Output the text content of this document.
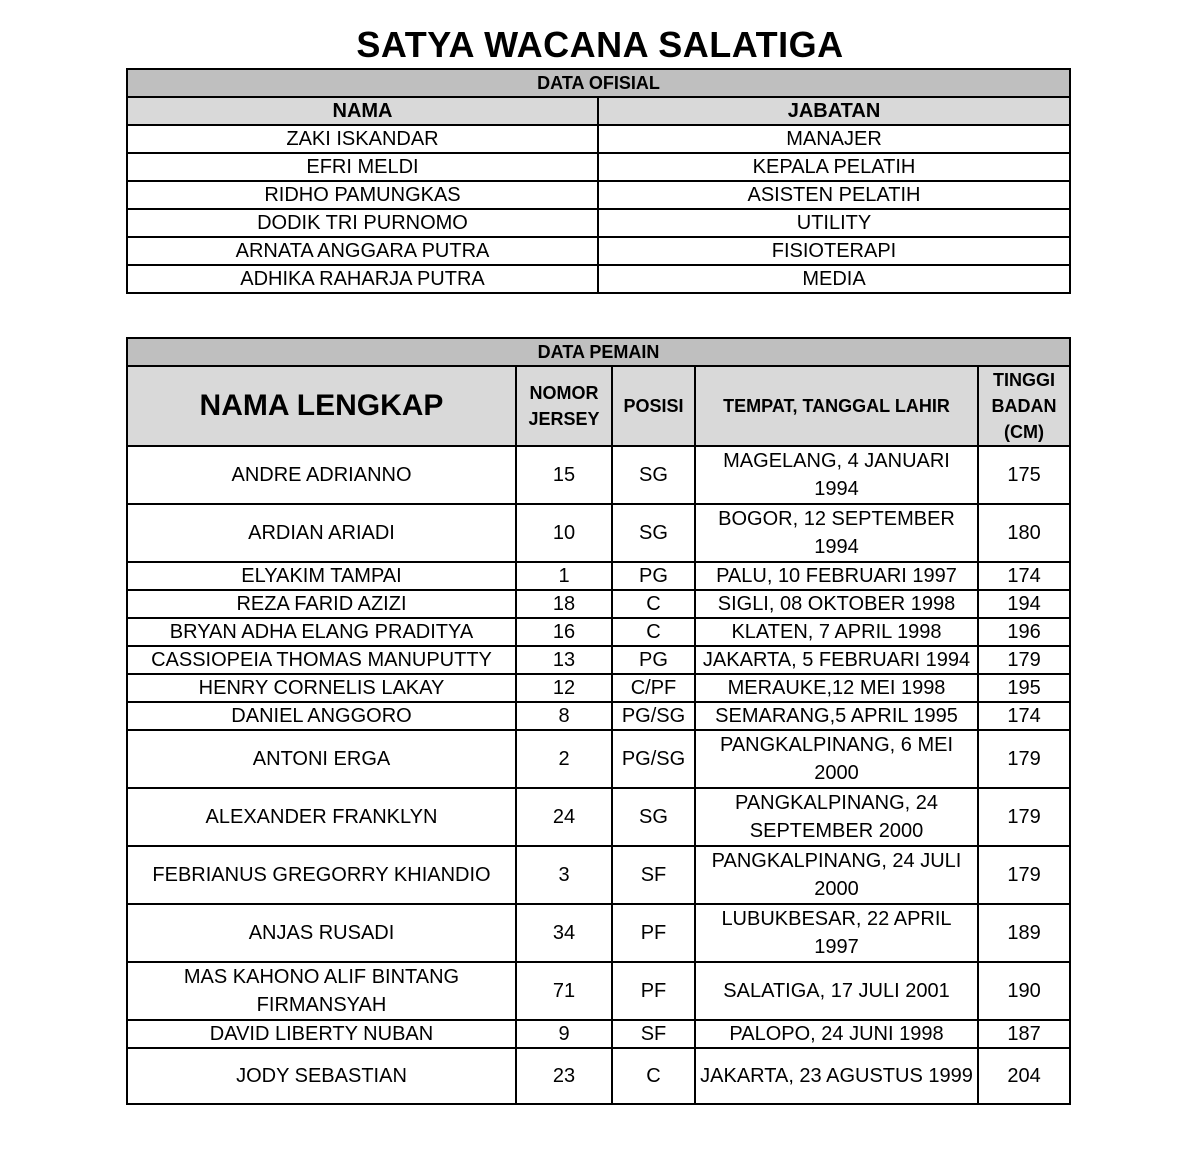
SATYA WACANA SALATIGA
DATA OFISIAL	
NAMA	JABATAN
ZAKI ISKANDAR	MANAJER
EFRI MELDI	KEPALA PELATIH
RIDHO PAMUNGKAS	ASISTEN PELATIH
DODIK TRI PURNOMO	UTILITY
ARNATA ANGGARA PUTRA	FISIOTERAPI
ADHIKA RAHARJA PUTRA	MEDIA
DATA PEMAIN				
NAMA LENGKAP	NOMOR JERSEY	POSISI	TEMPAT, TANGGAL LAHIR	TINGGI BADAN (CM)
ANDRE ADRIANNO	15	SG	MAGELANG, 4 JANUARI 1994	175
ARDIAN ARIADI	10	SG	BOGOR, 12 SEPTEMBER 1994	180
ELYAKIM TAMPAI	1	PG	PALU, 10 FEBRUARI 1997	174
REZA FARID AZIZI	18	C	SIGLI, 08 OKTOBER 1998	194
BRYAN ADHA ELANG PRADITYA	16	C	KLATEN, 7 APRIL 1998	196
CASSIOPEIA THOMAS MANUPUTTY	13	PG	JAKARTA, 5 FEBRUARI 1994	179
HENRY CORNELIS LAKAY	12	C/PF	MERAUKE,12 MEI 1998	195
DANIEL ANGGORO	8	PG/SG	SEMARANG,5 APRIL 1995	174
ANTONI ERGA	2	PG/SG	PANGKALPINANG, 6 MEI 2000	179
ALEXANDER FRANKLYN	24	SG	PANGKALPINANG, 24 SEPTEMBER 2000	179
FEBRIANUS GREGORRY KHIANDIO	3	SF	PANGKALPINANG, 24 JULI 2000	179
ANJAS RUSADI	34	PF	LUBUKBESAR, 22 APRIL 1997	189
MAS KAHONO ALIF BINTANG FIRMANSYAH	71	PF	SALATIGA, 17 JULI 2001	190
DAVID LIBERTY NUBAN	9	SF	PALOPO, 24 JUNI 1998	187
JODY SEBASTIAN	23	C	JAKARTA, 23 AGUSTUS 1999	204
